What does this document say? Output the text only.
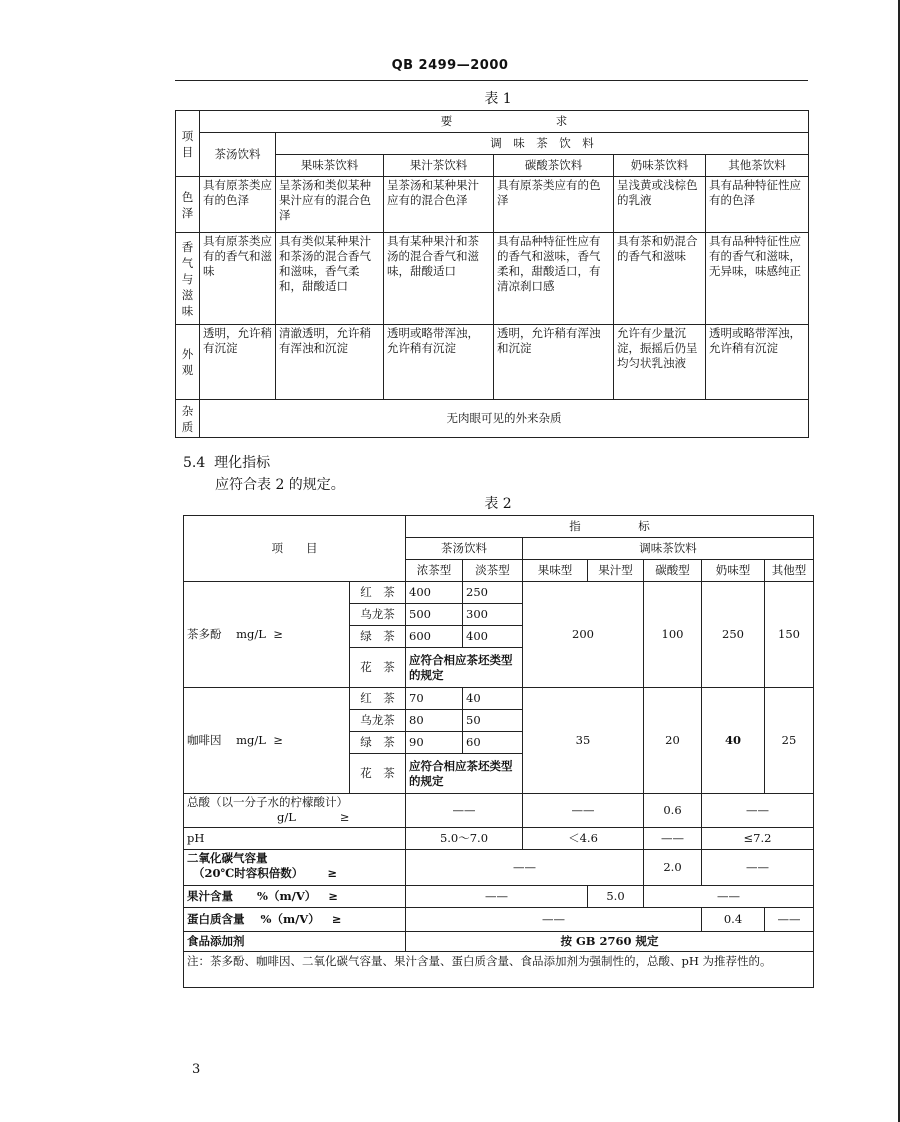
QB 2499—2000
表 1
项目	要　　　　　　　　　求					
	茶汤饮料	调　味　茶　饮　料				
		果味茶饮料	果汁茶饮料	碳酸茶饮料	奶味茶饮料	其他茶饮料

色泽	具有原茶类应有的色泽	呈茶汤和类似某种果汁应有的混合色泽	呈茶汤和某种果汁应有的混合色泽	具有原茶类应有的色泽	呈浅黄或浅棕色的乳液	具有品种特征性应有的色泽

香气与滋味	具有原茶类应有的香气和滋味	具有类似某种果汁和茶汤的混合香气和滋味，香气柔和，甜酸适口	具有某种果汁和茶汤的混合香气和滋味，甜酸适口	具有品种特征性应有的香气和滋味，香气柔和，甜酸适口，有清凉刹口感	具有茶和奶混合的香气和滋味	具有品种特征性应有的香气和滋味，无异味，味感纯正

外观	透明，允许稍有沉淀	清澈透明，允许稍有浑浊和沉淀	透明或略带浑浊，允许稍有沉淀	透明，允许稍有浑浊和沉淀	允许有少量沉淀，振摇后仍呈均匀状乳浊液	透明或略带浑浊，允许稍有沉淀

杂质	无肉眼可见的外来杂质					
5.4 理化指标
应符合表 2 的规定。
表 2
项　　目		指　　　　　标						
		茶汤饮料		调味茶饮料				
		浓茶型	淡茶型	果味型	果汁型	碳酸型	奶味型	其他型
茶多酚 mg/L ≥	红　茶	400	250	200		100	250	150
	乌龙茶	500	300					
	绿　茶	600	400					
	花　茶	应符合相应茶坯类型的规定						
咖啡因 mg/L ≥	红　茶	70	40	35		20	40	25
	乌龙茶	80	50					
	绿　茶	90	60					
	花　茶	应符合相应茶坯类型的规定						

总酸（以一分子水的柠檬酸计）
g/L ≥		——		——		0.6	——	
pH		5.0～7.0		＜4.6		——	≤7.2	

二氧化碳气容量
（20℃时容积倍数） ≥		——				2.0	——	
果汁含量 %（m/V） ≥		——			5.0	——		
蛋白质含量 %（m/V） ≥		——					0.4	——
食品添加剂		按 GB 2760 规定						
注：茶多酚、咖啡因、二氧化碳气容量、果汁含量、蛋白质含量、食品添加剂为强制性的，总酸、pH 为推荐性的。								
3
